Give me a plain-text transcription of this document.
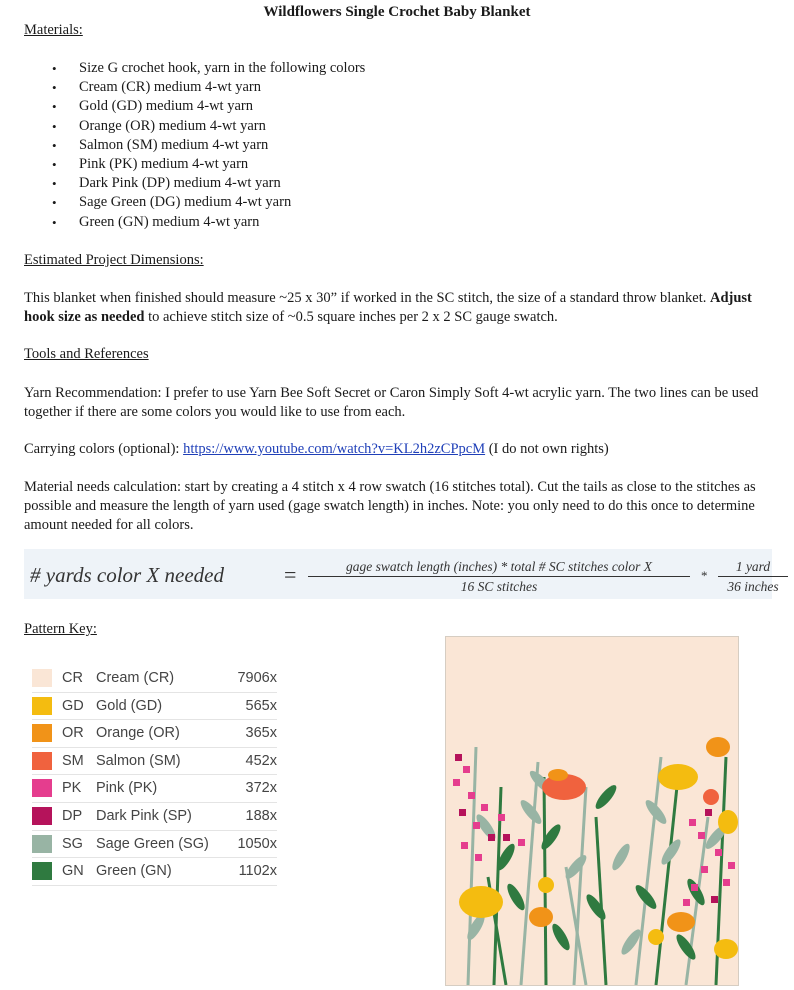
Wildflowers Single Crochet Baby Blanket
Materials:
• Size G crochet hook, yarn in the following colors
• Cream (CR) medium 4-wt yarn
• Gold (GD) medium 4-wt yarn
• Orange (OR) medium 4-wt yarn
• Salmon (SM) medium 4-wt yarn
• Pink (PK) medium 4-wt yarn
• Dark Pink (DP) medium 4-wt yarn
• Sage Green (DG) medium 4-wt yarn
• Green (GN) medium 4-wt yarn
Estimated Project Dimensions:
This blanket when finished should measure ~25 x 30” if worked in the SC stitch, the size of a standard throw blanket. Adjust hook size as needed to achieve stitch size of ~0.5 square inches per 2 x 2 SC gauge swatch.
Tools and References
Yarn Recommendation: I prefer to use Yarn Bee Soft Secret or Caron Simply Soft 4-wt acrylic yarn. The two lines can be used together if there are some colors you would like to use from each.
Carrying colors (optional): https://www.youtube.com/watch?v=KL2h2zCPpcM (I do not own rights)
Material needs calculation: start by creating a 4 stitch x 4 row swatch (16 stitches total). Cut the tails as close to the stitches as possible and measure the length of yarn used (gage swatch length) in inches. Note: you only need to do this once to determine amount needed for all colors.
# yards color X needed	=	gage swatch length (inches) * total # SC stitches color X
16 SC stitches
*
1 yard
36 inches
Pattern Key:
CR Cream (CR)	7906x
GD Gold (GD)	565x
OR Orange (OR)	365x
SM Salmon (SM)	452x
PK Pink (PK)	372x
DP Dark Pink (SP)	188x
SG Sage Green (SG) 1050x
GN Green (GN)	1102x
